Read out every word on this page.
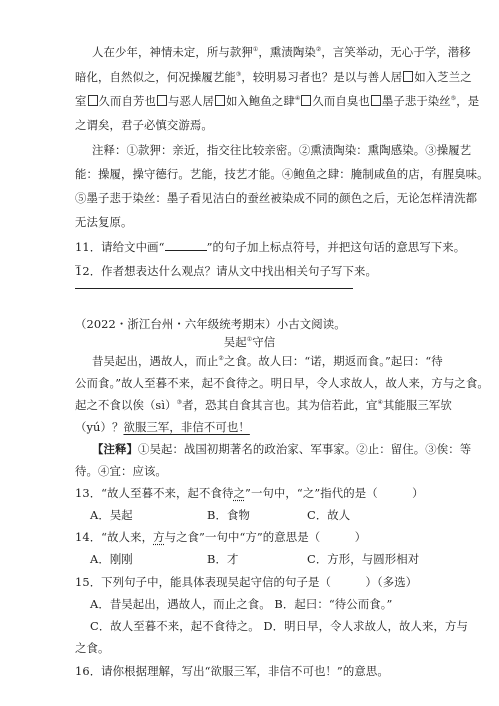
人在少年，神情未定，所与款狎①，熏渍陶染②，言笑举动，无心于学，潜移
暗化，自然似之，何况操履艺能③，较明易习者也？是以与善人居 如入芝兰之
室 久而自芳也 与恶人居 如入鲍鱼之肆④ 久而自臭也 墨子悲于染丝⑤，是
之谓矣，君子必慎交游焉。
注释：①款狎：亲近，指交往比较亲密。②熏渍陶染：熏陶感染。③操履艺
能：操履，操守德行。艺能，技艺才能。④鲍鱼之肆：腌制咸鱼的店，有腥臭味。
⑤墨子悲于染丝：墨子看见洁白的蚕丝被染成不同的颜色之后，无论怎样清洗都
无法复原。
11．请给文中画“	”的句子加上标点符号，并把这句话的意思写下来。
_
12．作者想表达什么观点？请从文中找出相关句子写下来。
（2022・浙江台州・六年级统考期末）小古文阅读。
吴起①守信
昔吴起出，遇故人，而止②之食。故人曰：“诺，期返而食。”起曰：“待
公而食。”故人至暮不来，起不食待之。明日早，令人求故人，故人来，方与之食。
起之不食以俟（sì）③者，恐其自食其言也。其为信若此，宜④其能服三军欤
（yú）？欲服三军，非信不可也！
【注释】①吴起：战国初期著名的政治家、军事家。②止：留住。③俟：等
待。④宜：应该。
13．“故人至暮不来，起不食待之”一句中，“之”指代的是（　　　）
A．吴起	B．食物	C．故人
14．“故人来，方与之食”一句中“方”的意思是（　　　）
A．刚刚	B．才	C．方形，与圆形相对
15．下列句子中，能具体表现吴起守信的句子是（　　　）（多选）
A．昔吴起出，遇故人，而止之食。 B．起曰：“待公而食。”
C．故人至暮不来，起不食待之。 D．明日早，令人求故人，故人来，方与
之食。
16．请你根据理解，写出“欲服三军，非信不可也！”的意思。
